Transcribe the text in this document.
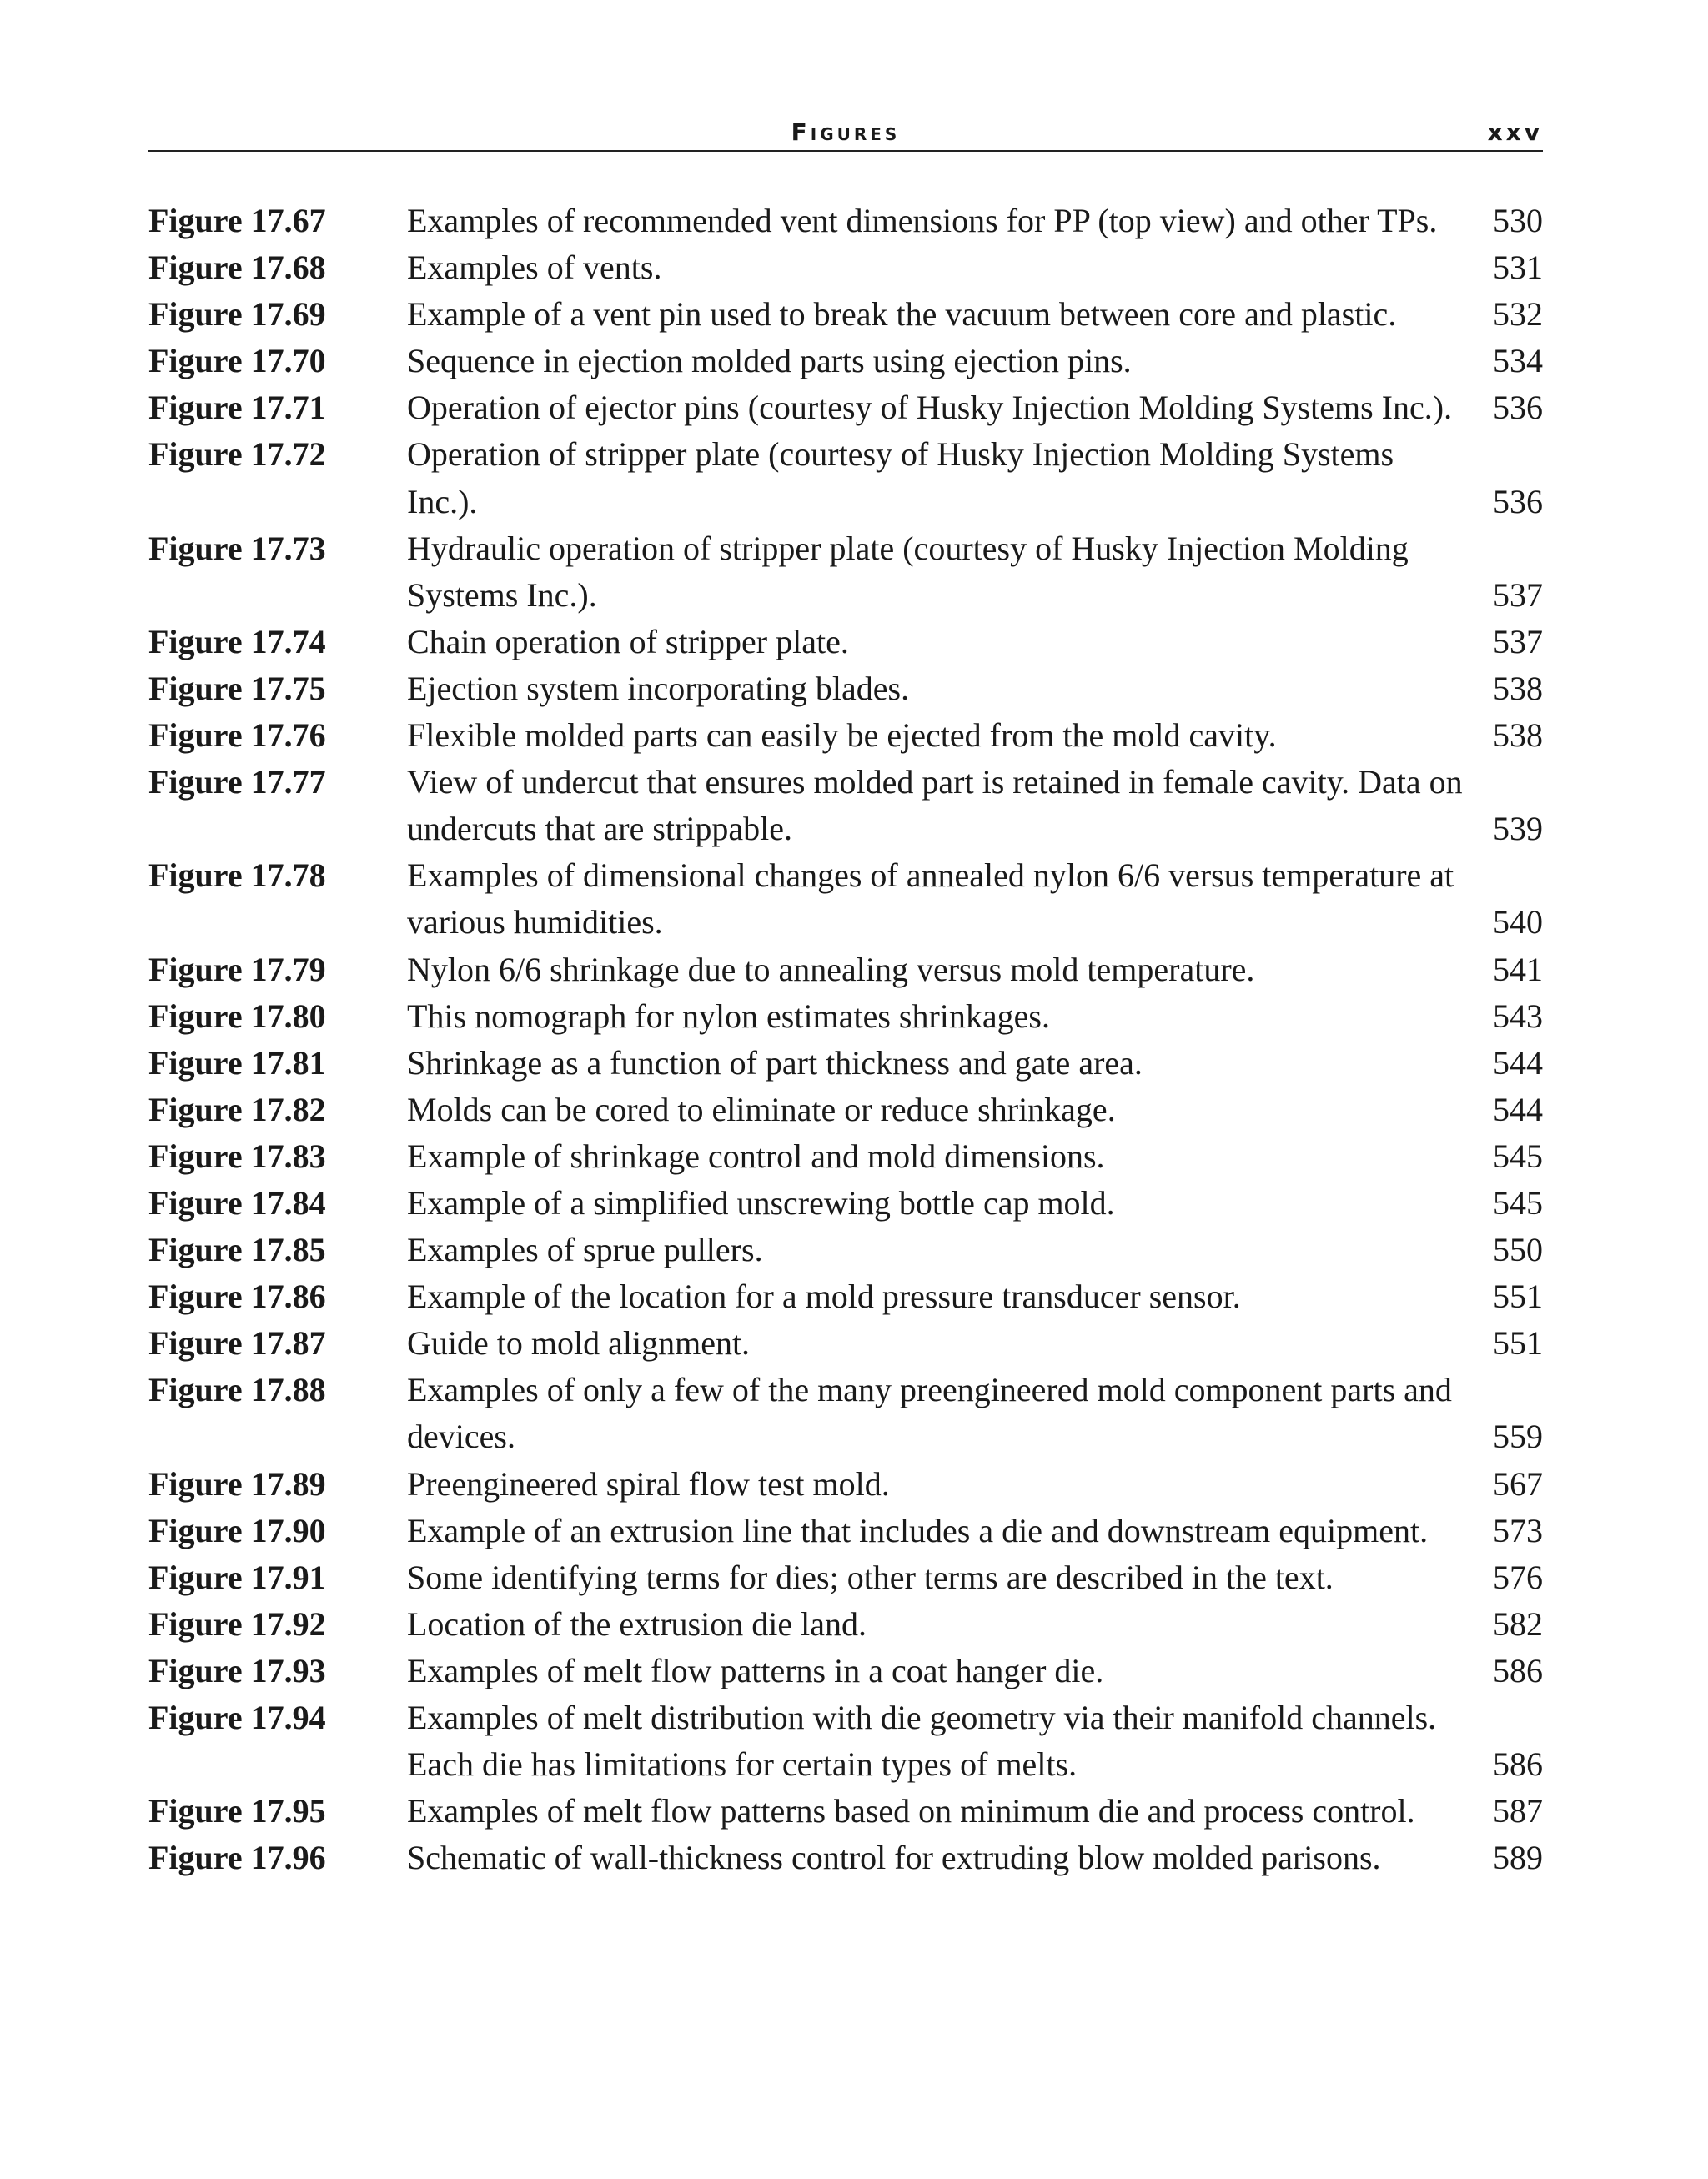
Figures	xxv
Figure 17.67	Examples of recommended vent dimensions for PP (top view) and other TPs.	530
Figure 17.68	Examples of vents.	531
Figure 17.69	Example of a vent pin used to break the vacuum between core and plastic.	532
Figure 17.70	Sequence in ejection molded parts using ejection pins.	534
Figure 17.71	Operation of ejector pins (courtesy of Husky Injection Molding Systems Inc.).	536
Figure 17.72	Operation of stripper plate (courtesy of Husky Injection Molding Systems Inc.).	536
Figure 17.73	Hydraulic operation of stripper plate (courtesy of Husky Injection Molding Systems Inc.).	537
Figure 17.74	Chain operation of stripper plate.	537
Figure 17.75	Ejection system incorporating blades.	538
Figure 17.76	Flexible molded parts can easily be ejected from the mold cavity.	538
Figure 17.77	View of undercut that ensures molded part is retained in female cavity. Data on undercuts that are strippable.	539
Figure 17.78	Examples of dimensional changes of annealed nylon 6/6 versus temperature at various humidities.	540
Figure 17.79	Nylon 6/6 shrinkage due to annealing versus mold temperature.	541
Figure 17.80	This nomograph for nylon estimates shrinkages.	543
Figure 17.81	Shrinkage as a function of part thickness and gate area.	544
Figure 17.82	Molds can be cored to eliminate or reduce shrinkage.	544
Figure 17.83	Example of shrinkage control and mold dimensions.	545
Figure 17.84	Example of a simplified unscrewing bottle cap mold.	545
Figure 17.85	Examples of sprue pullers.	550
Figure 17.86	Example of the location for a mold pressure transducer sensor.	551
Figure 17.87	Guide to mold alignment.	551
Figure 17.88	Examples of only a few of the many preengineered mold component parts and devices.	559
Figure 17.89	Preengineered spiral flow test mold.	567
Figure 17.90	Example of an extrusion line that includes a die and downstream equipment.	573
Figure 17.91	Some identifying terms for dies; other terms are described in the text.	576
Figure 17.92	Location of the extrusion die land.	582
Figure 17.93	Examples of melt flow patterns in a coat hanger die.	586
Figure 17.94	Examples of melt distribution with die geometry via their manifold channels. Each die has limitations for certain types of melts.	586
Figure 17.95	Examples of melt flow patterns based on minimum die and process control.	587
Figure 17.96	Schematic of wall-thickness control for extruding blow molded parisons.	589
